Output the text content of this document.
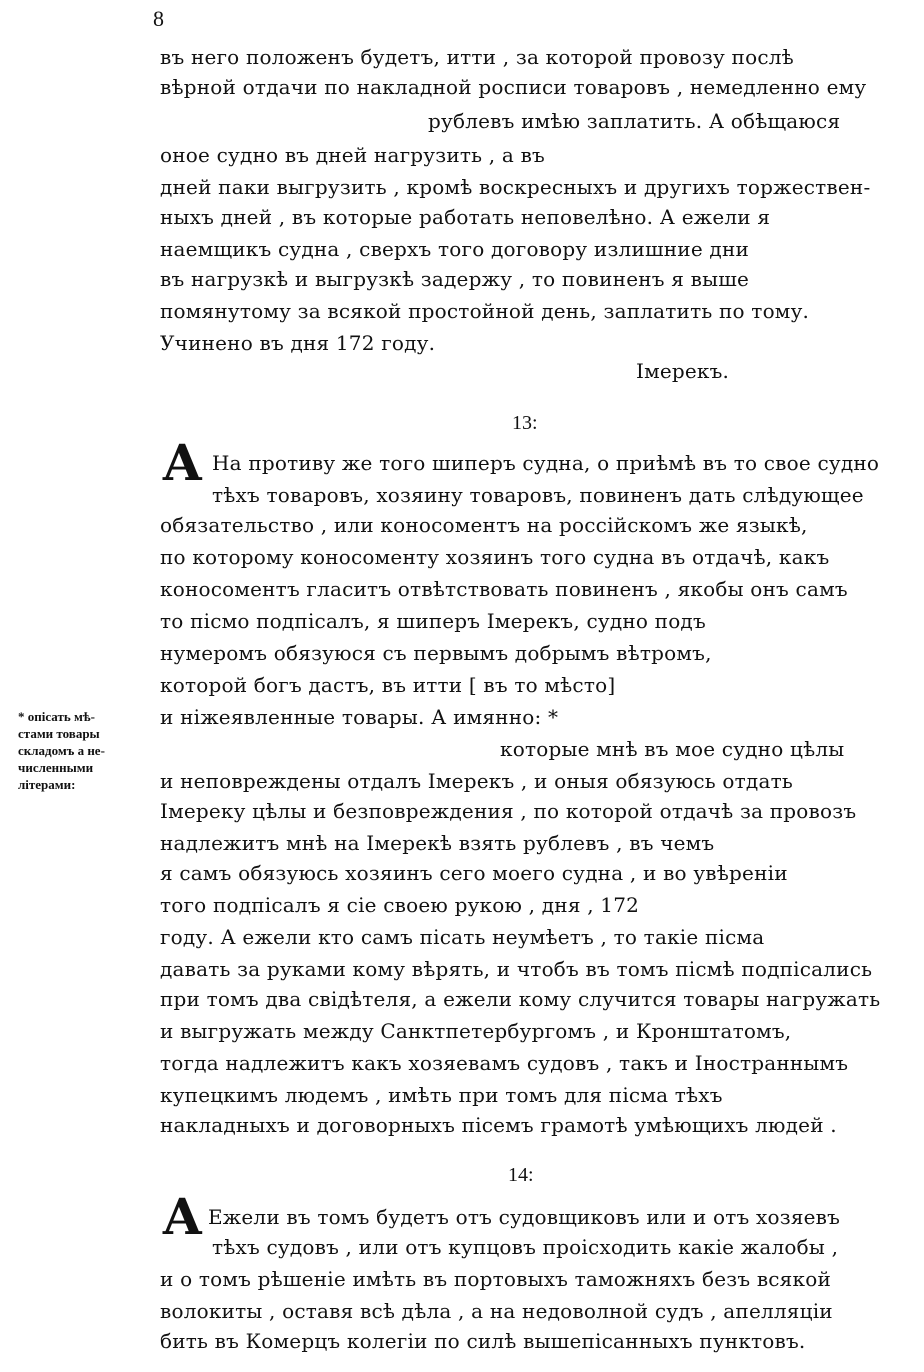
8
въ него положенъ будетъ, итти , за которой провозу послѣ
вѣрной отдачи по накладной росписи товаровъ , немедленно ему
рублевъ имѣю заплатить. А обѣщаюся
оное судно въ дней нагрузить , а въ
дней паки выгрузить , кромѣ воскресныхъ и другихъ торжествен-
ныхъ дней , въ которые работать неповелѣно. А ежели я
наемщикъ судна , сверхъ того договору излишние дни
въ нагрузкѣ и выгрузкѣ задержу , то повиненъ я выше
помянутому за всякой простойной день, заплатить по тому.
Учинено въ дня 172 году.
Імерекъ.
13:
А На противу же того шиперъ судна, о приѣмѣ въ то свое судно
тѣхъ товаровъ, хозяину товаровъ, повиненъ дать слѣдующее
обязательство , или коносоментъ на россійскомъ же языкѣ,
по которому коносоменту хозяинъ того судна въ отдачѣ, какъ
коносоментъ гласитъ отвѣтствовать повиненъ , якобы онъ самъ
то пісмо подпісалъ, я шиперъ Імерекъ, судно подъ
нумеромъ обязуюся съ первымъ добрымъ вѣтромъ,
которой богъ дастъ, въ итти [ въ то мѣсто]
и ніжеявленные товары. А имянно: *
которые мнѣ въ мое судно цѣлы
и неповреждены отдалъ Імерекъ , и оныя обязуюсь отдать
Імереку цѣлы и безповреждения , по которой отдачѣ за провозъ
надлежитъ мнѣ на Імерекѣ взять рублевъ , въ чемъ
я самъ обязуюсь хозяинъ сего моего судна , и во увѣреніи
того подпісалъ я сіе своею рукою , дня , 172
году. А ежели кто самъ пісать неумѣетъ , то такіе пісма
давать за руками кому вѣрять, и чтобъ въ томъ пісмѣ подпісались
при томъ два свідѣтеля, а ежели кому случится товары нагружать
и выгружать между Санктпетербургомъ , и Кронштатомъ,
тогда надлежитъ какъ хозяевамъ судовъ , такъ и Іностраннымъ
купецкимъ людемъ , имѣть при томъ для пісма тѣхъ
накладныхъ и договорныхъ пісемъ грамотѣ умѣющихъ людей .
* опісать мѣ-
стами товары
складомъ а не-
численными
літерами:
14:
А Ежели въ томъ будетъ отъ судовщиковъ или и отъ хозяевъ
тѣхъ судовъ , или отъ купцовъ проісходить какіе жалобы ,
и о томъ рѣшеніе имѣть въ портовыхъ таможняхъ безъ всякой
волокиты , оставя всѣ дѣла , а на недоволной судъ , апелляціи
бить въ Комерцъ колегіи по силѣ вышепісанныхъ пунктовъ.
